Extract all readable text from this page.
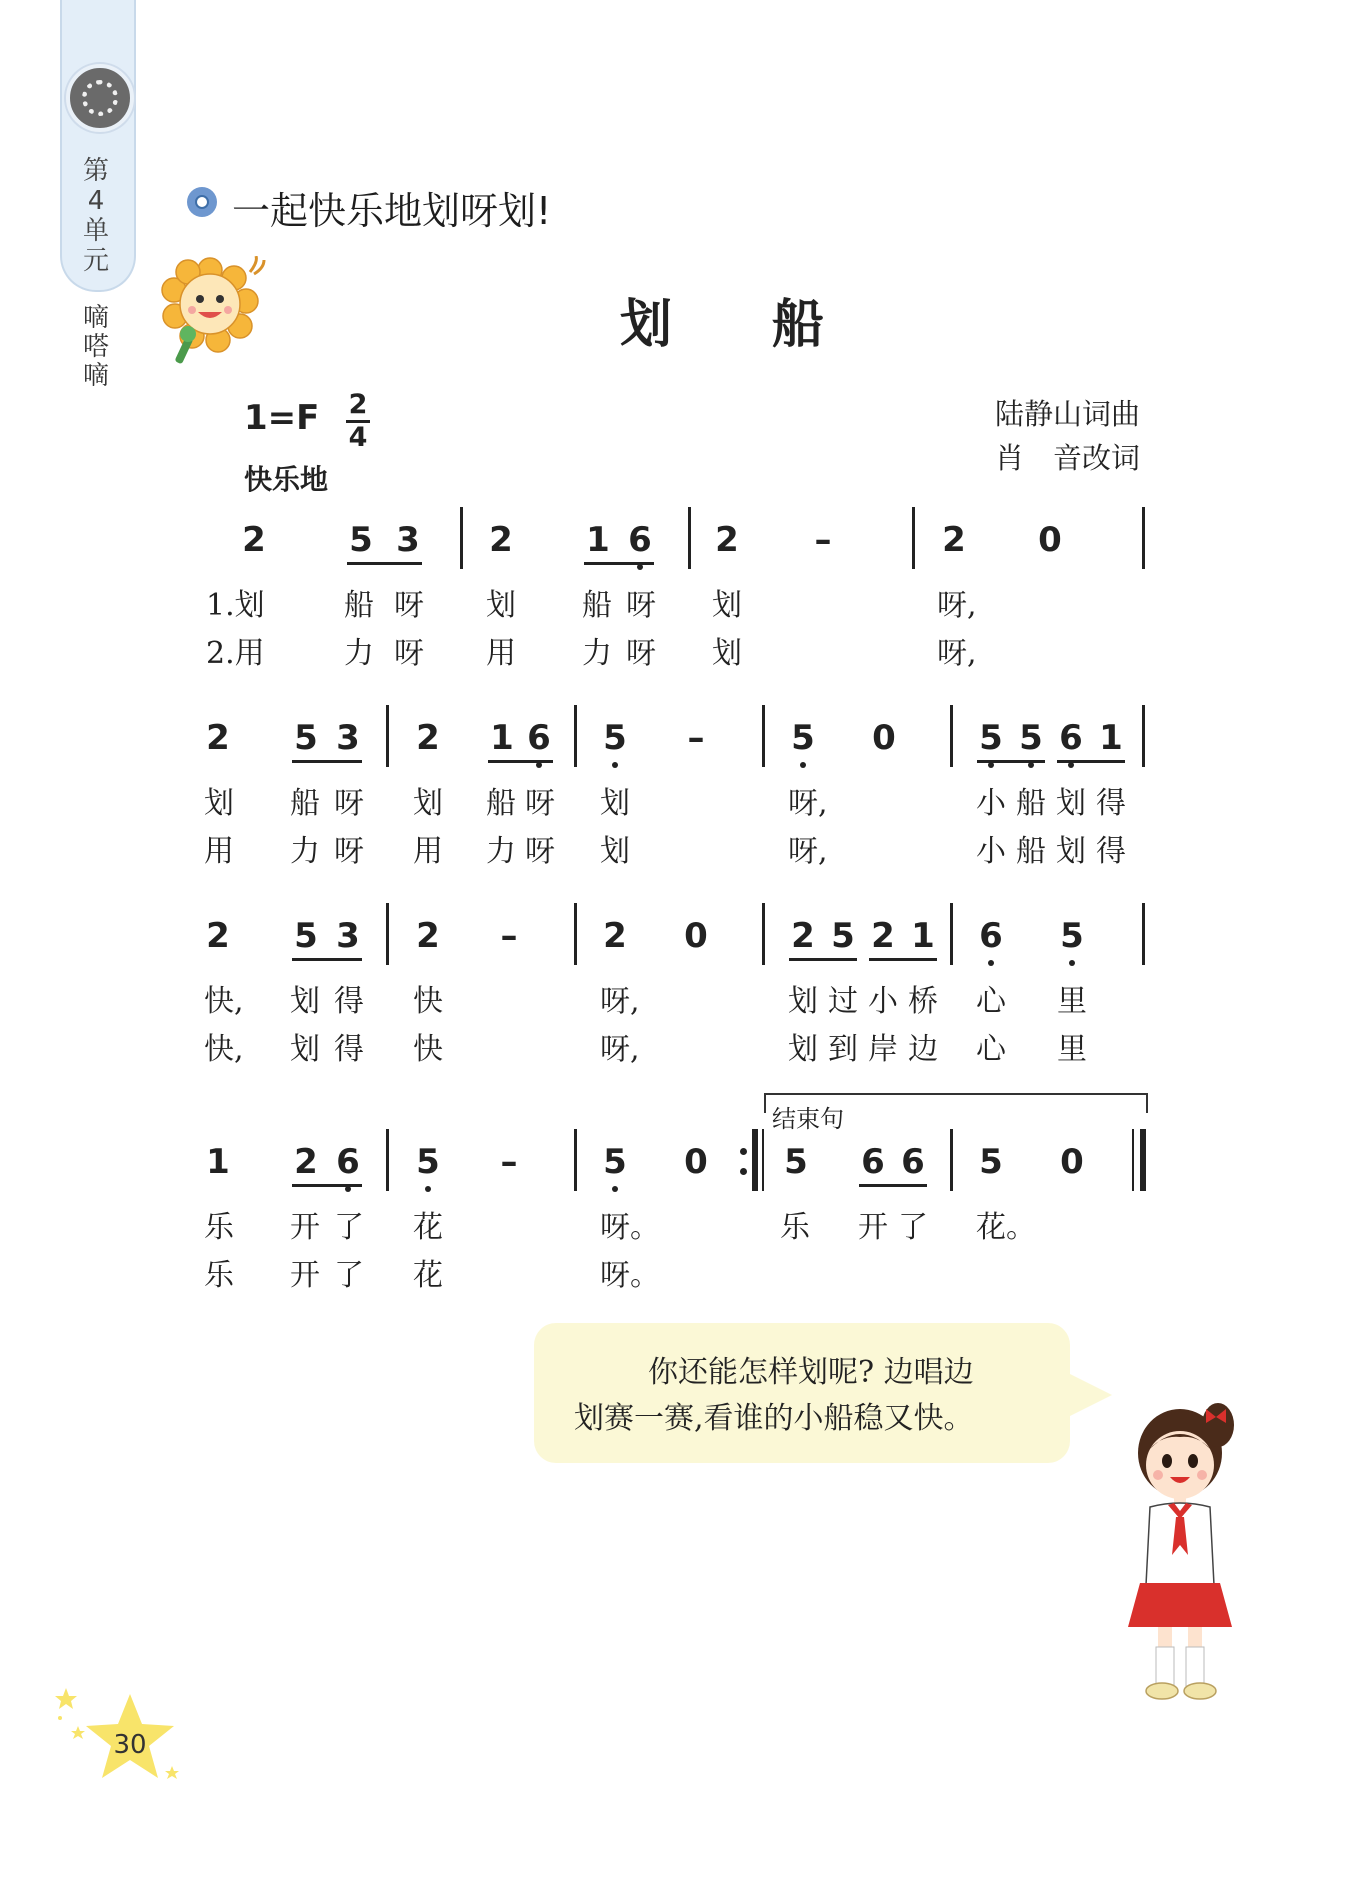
第
4
单
元
嘀
嗒
嘀
一起快乐地划呀划!
划船
1=F 2
4
快乐地
陆静山词曲
肖　音改词
2 5 3 2 1 6 2 –	2 0
1.划	船 呀 划 船 呀 划	呀,
2.用	力 呀 用 力 呀 划	呀,
2 5 3 2 1 6 5 –	5 0 5 5 6 1
划 船 呀 划 船 呀 划	呀,	小 船 划 得
用 力 呀 用 力 呀 划	呀,	小 船 划 得
2 5 3 2 –	2 0 2 5 2 1 6 5
快, 划 得 快	呀,	划 过 小 桥 心 里
快, 划 得 快	呀,	划 到 岸 边 心 里
结束句
1 2 6 5 –	5 0 5 6 6 5 0
乐 开 了 花	呀。	乐 开 了 花。
乐 开 了 花	呀。
你还能怎样划呢? 边唱边
划赛一赛,看谁的小船稳又快。
30
